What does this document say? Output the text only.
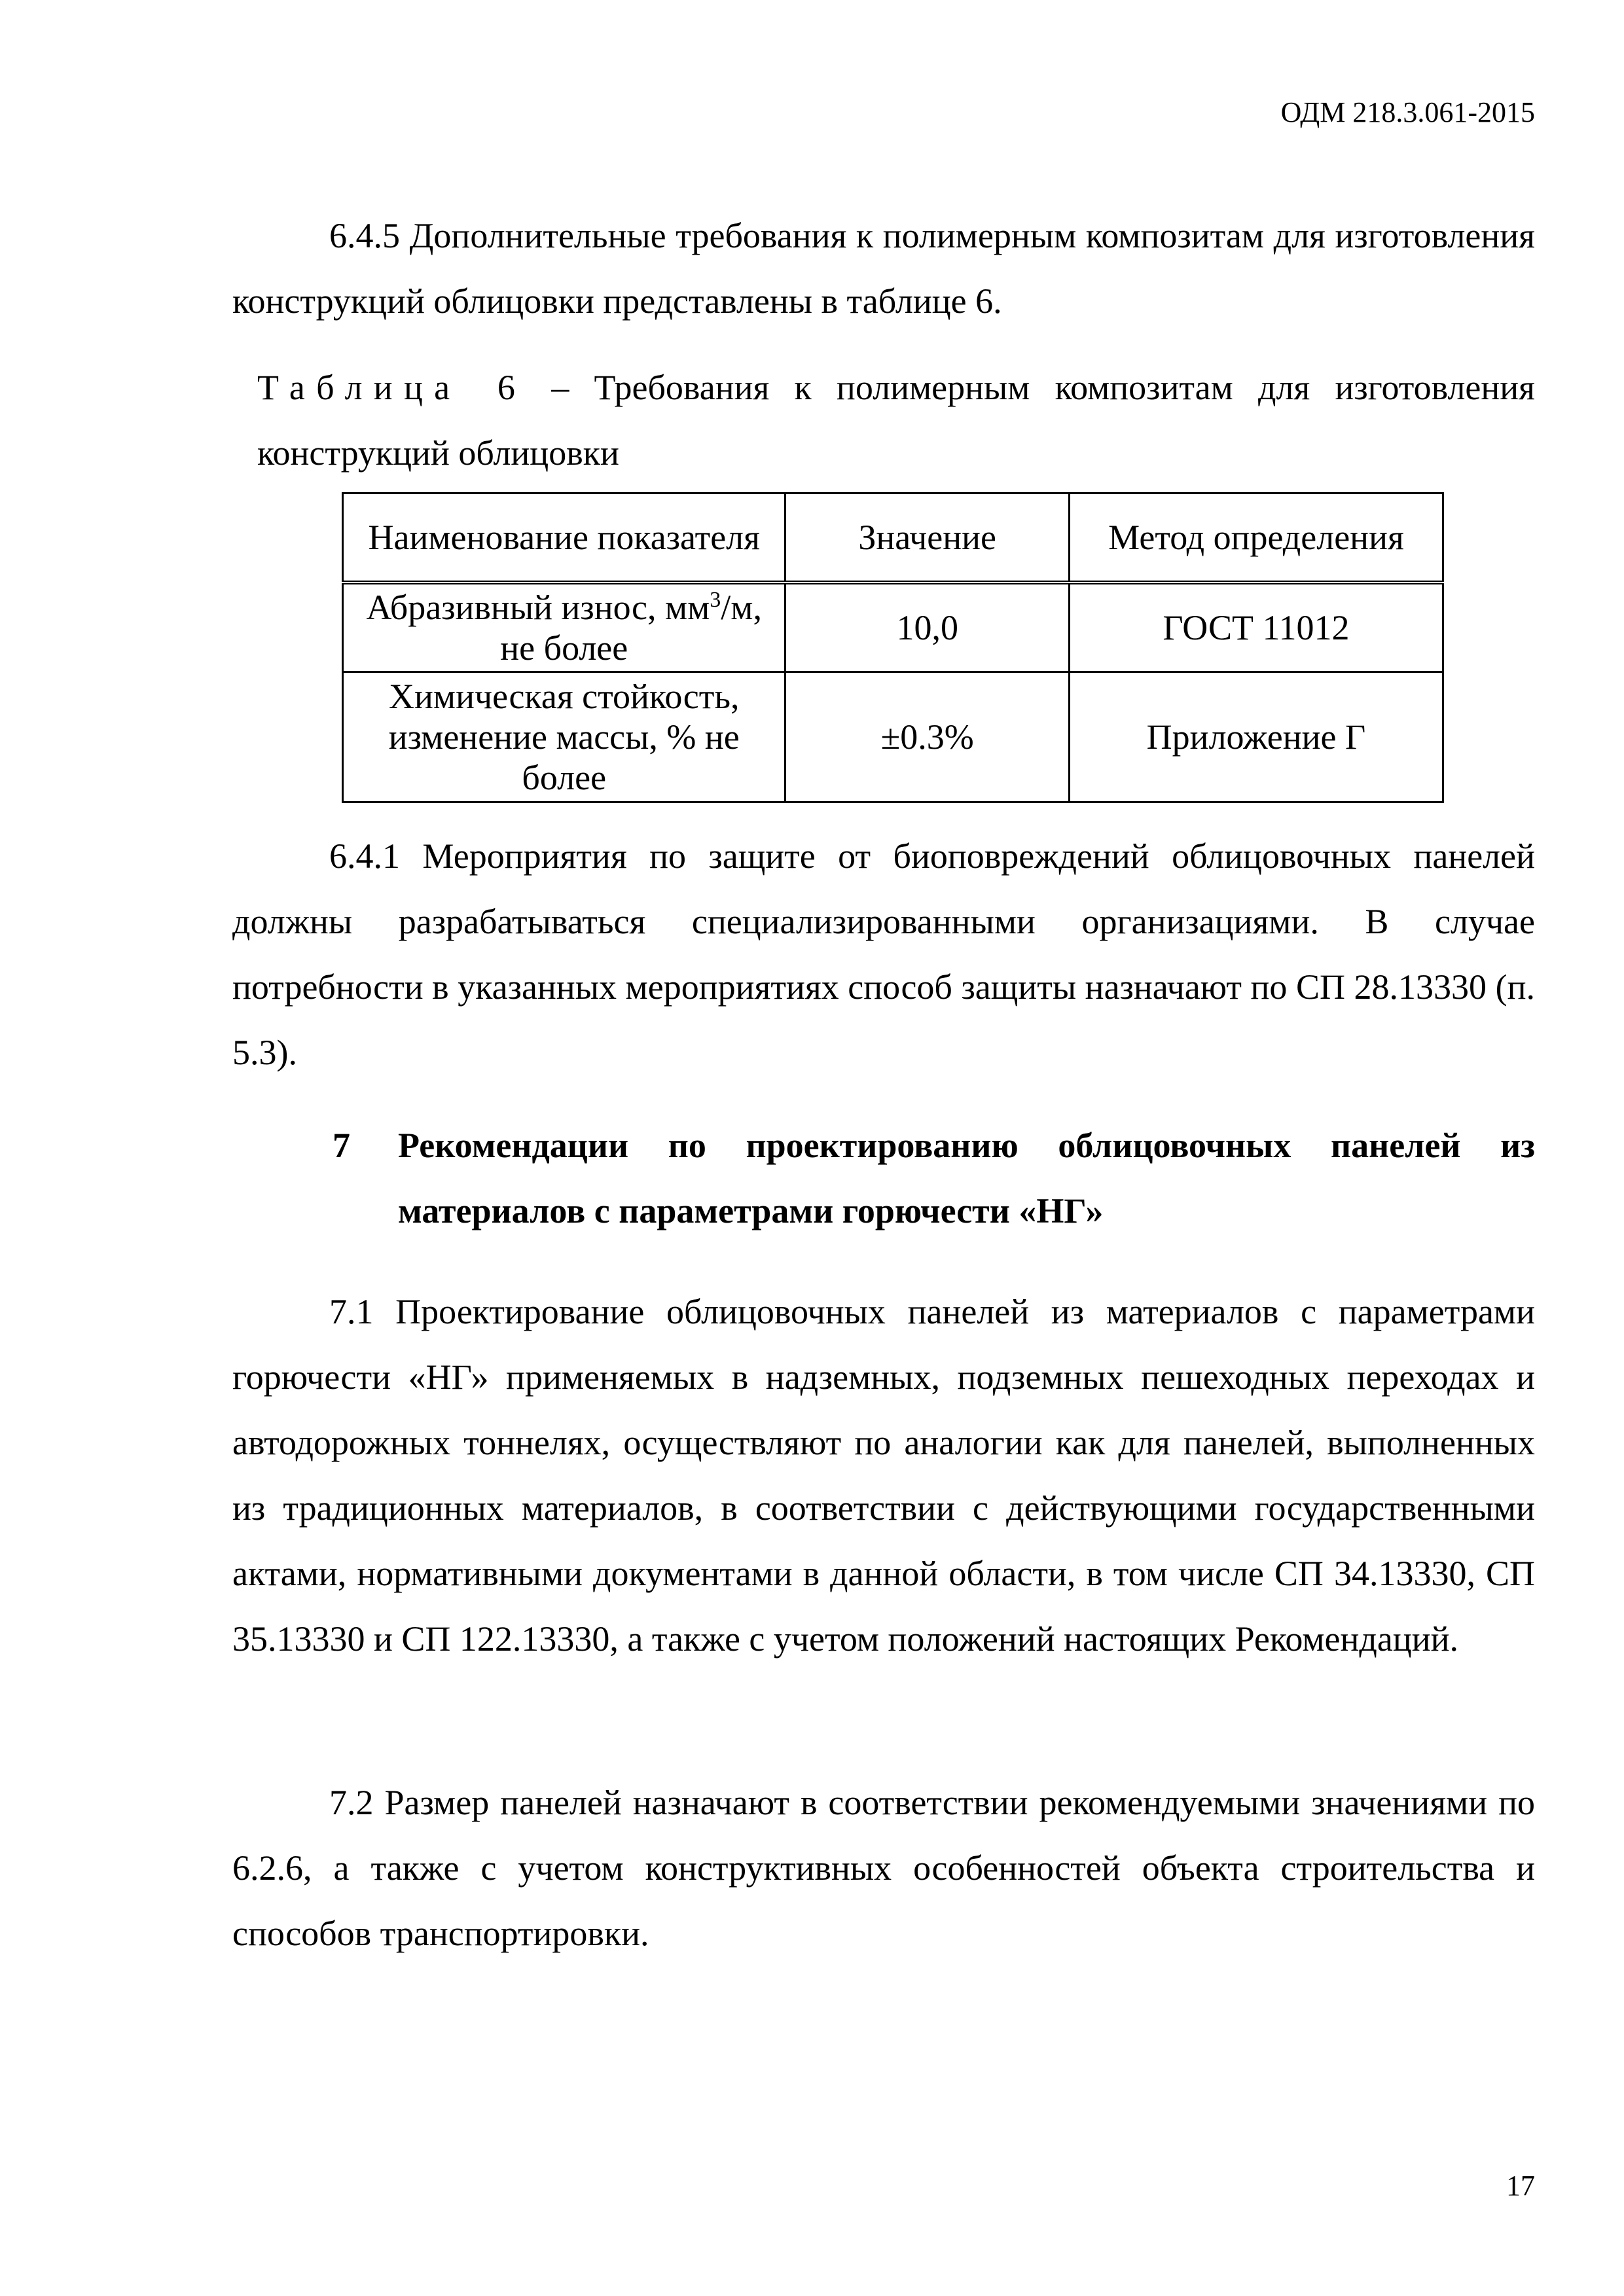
ОДМ 218.3.061-2015

6.4.5 Дополнительные требования к полимерным композитам для изготовления конструкций облицовки представлены в таблице 6.

Таблица 6 – Требования к полимерным композитам для изготовления конструкций облицовки

Наименование показателя	Значение	Метод определения
Абразивный износ, $мм^3/м$, не более	10,0	ГОСТ 11012
Химическая стойкость, изменение массы, % не более	±0.3%	Приложение Г

6.4.1 Мероприятия по защите от биоповреждений облицовочных панелей должны разрабатываться специализированными организациями. В случае потребности в указанных мероприятиях способ защиты назначают по СП 28.13330 (п. 5.3).

7 Рекомендации по проектированию облицовочных панелей из материалов с параметрами горючести «НГ»

7.1 Проектирование облицовочных панелей из материалов с параметрами горючести «НГ» применяемых в надземных, подземных пешеходных переходах и автодорожных тоннелях, осуществляют по аналогии как для панелей, выполненных из традиционных материалов, в соответствии с действующими государственными актами, нормативными документами в данной области, в том числе СП 34.13330, СП 35.13330 и СП 122.13330, а также с учетом положений настоящих Рекомендаций.

7.2 Размер панелей назначают в соответствии рекомендуемыми значениями по 6.2.6, а также с учетом конструктивных особенностей объекта строительства и способов транспортировки.

17
